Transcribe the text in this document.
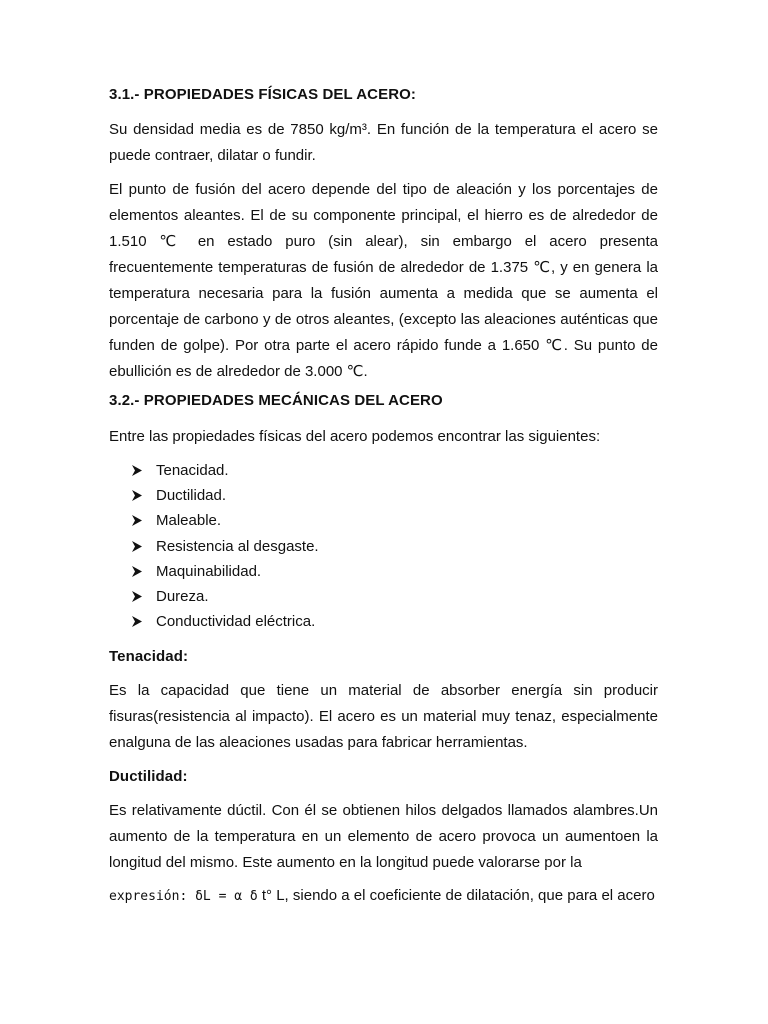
3.1.- PROPIEDADES FÍSICAS DEL ACERO:
Su densidad media es de 7850 kg/m³. En función de la temperatura el acero se puede contraer, dilatar o fundir.
El punto de fusión del acero depende del tipo de aleación y los porcentajes de elementos aleantes. El de su componente principal, el hierro es de alrededor de 1.510 ℃ en estado puro (sin alear), sin embargo el acero presenta frecuentemente temperaturas de fusión de alrededor de 1.375 ℃, y en genera la temperatura necesaria para la fusión aumenta a medida que se aumenta el porcentaje de carbono y de otros aleantes, (excepto las aleaciones auténticas que funden de golpe). Por otra parte el acero rápido funde a 1.650 ℃. Su punto de ebullición es de alrededor de 3.000 ℃.
3.2.- PROPIEDADES MECÁNICAS DEL ACERO
Entre las propiedades físicas del acero podemos encontrar las siguientes:
Tenacidad.
Ductilidad.
Maleable.
Resistencia al desgaste.
Maquinabilidad.
Dureza.
Conductividad eléctrica.
Tenacidad:
Es la capacidad que tiene un material de absorber energía sin producir fisuras(resistencia al impacto). El acero es un material muy tenaz, especialmente enalguna de las aleaciones usadas para fabricar herramientas.
Ductilidad:
Es relativamente dúctil. Con él se obtienen hilos delgados llamados alambres.Un aumento de la temperatura en un elemento de acero provoca un aumentoen la longitud del mismo. Este aumento en la longitud puede valorarse por la
expresión: δL = α δ t° L, siendo a el coeficiente de dilatación, que para el acero
